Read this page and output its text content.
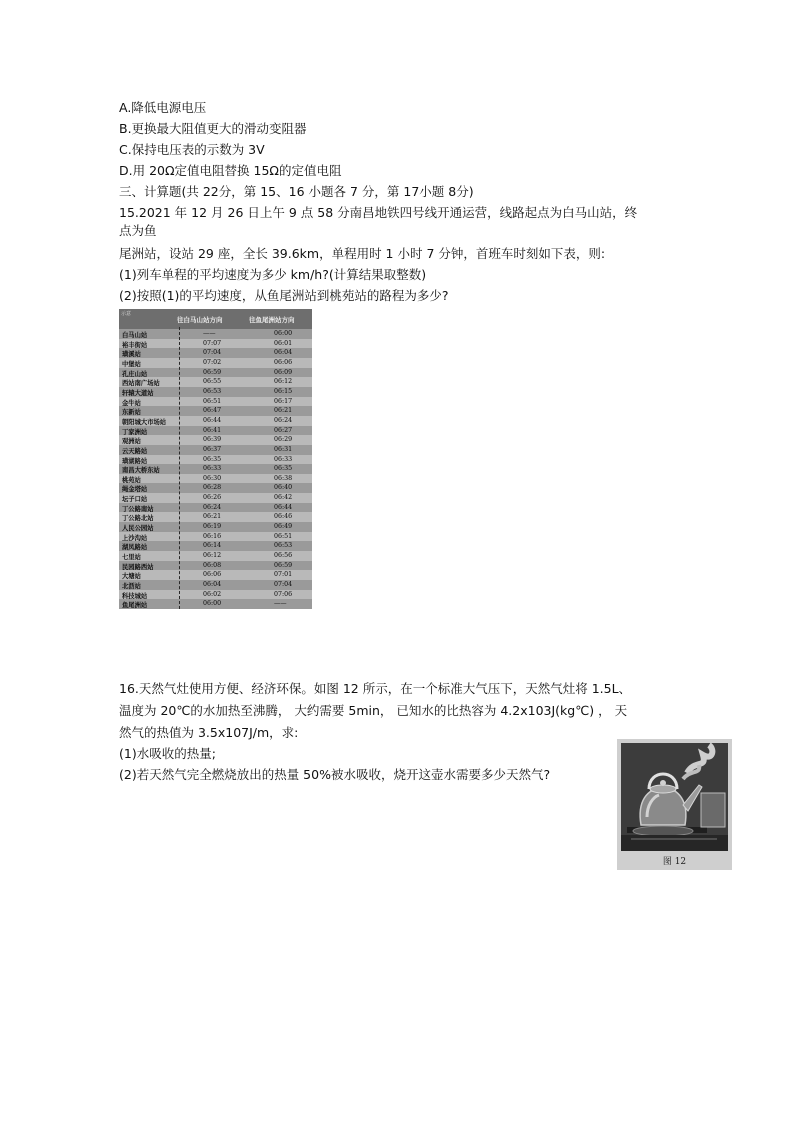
A.降低电源电压
B.更换最大阻值更大的滑动变阻器
C.保持电压表的示数为 3V
D.用 20Ω定值电阻替换 15Ω的定值电阻
三、计算题(共 22分，第 15、16 小题各 7 分，第 17小题 8分)
15.2021 年 12 月 26 日上午 9 点 58 分南昌地铁四号线开通运营，线路起点为白马山站，终
点为鱼
尾洲站，设站 29 座，全长 39.6km，单程用时 1 小时 7 分钟，首班车时刻如下表，则:
(1)列车单程的平均速度为多少 km/h?(计算结果取整数)
(2)按照(1)的平均速度，从鱼尾洲站到桃苑站的路程为多少?
示意
往白马山站方向	往鱼尾洲站方向
白马山站	——	06:00
裕丰街站	07:07	06:01
璜溪站	07:04	06:04
中堡站	07:02	06:06
孔庄山站	06:59	06:09
西站南广场站	06:55	06:12
轩辕大道站	06:53	06:15
金牛站	06:51	06:17
东新站	06:47	06:21
朝阳城大市场站	06:44	06:24
丁家洲站	06:41	06:27
观洲站	06:39	06:29
云天路站	06:37	06:31
璜湖路站	06:35	06:33
南昌大桥东站	06:33	06:35
桃苑站	06:30	06:38
绳金塔站	06:28	06:40
坛子口站	06:26	06:42
丁公路南站	06:24	06:44
丁公路北站	06:21	06:46
人民公园站	06:19	06:49
上沙沟站	06:16	06:51
湖凤路站	06:14	06:53
七里站	06:12	06:56
民园路西站	06:08	06:59
大塘站	06:06	07:01
北沥站	06:04	07:04
科技城站	06:02	07:06
鱼尾洲站	06:00	——
16.天然气灶使用方便、经济环保。如图 12 所示，在一个标准大气压下，天然气灶将 1.5L、
温度为 20℃的水加热至沸腾， 大约需要 5min， 已知水的比热容为 4.2x103J(kg℃) ， 天
然气的热值为 3.5x107J/m，求:
(1)水吸收的热量;
(2)若天然气完全燃烧放出的热量 50%被水吸收，烧开这壶水需要多少天然气?
图 12
